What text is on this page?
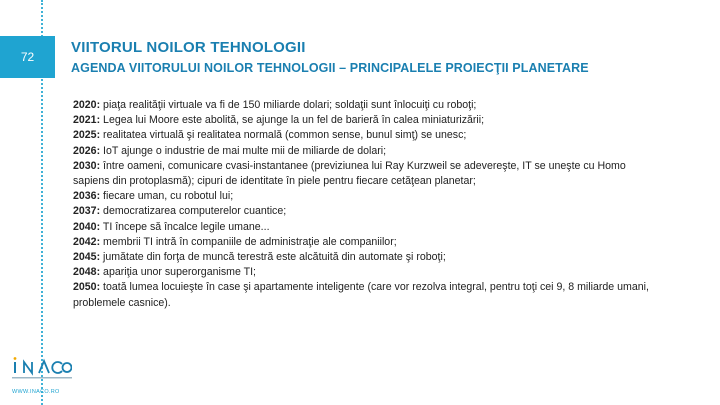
72
VIITORUL NOILOR TEHNOLOGII
AGENDA VIITORULUI NOILOR TEHNOLOGII – PRINCIPALELE PROIECŢII PLANETARE
2020: piaţa realităţii virtuale va fi de 150 miliarde dolari; soldaţii sunt înlocuiţi cu roboţi;
2021: Legea lui Moore este abolită, se ajunge la un fel de barieră în calea miniaturizării;
2025: realitatea virtuală şi realitatea normală (common sense, bunul simţ) se unesc;
2026: IoT ajunge o industrie de mai multe mii de miliarde de dolari;
2030: între oameni, comunicare cvasi-instantanee (previziunea lui Ray Kurzweil se adevereşte, IT se uneşte cu Homo sapiens din protoplasmă); cipuri de identitate în piele pentru fiecare cetăţean planetar;
2036: fiecare uman, cu robotul lui;
2037: democratizarea computerelor cuantice;
2040: TI începe să încalce legile umane...
2042: membrii TI intră în companiile de administraţie ale companiilor;
2045: jumătate din forţa de muncă terestră este alcătuită din automate şi roboţi;
2048: apariţia unor superorganisme TI;
2050: toată lumea locuieşte în case şi apartamente inteligente (care vor rezolva integral, pentru toţi cei 9, 8 miliarde umani, problemele casnice).
WWW.INACO.RO
